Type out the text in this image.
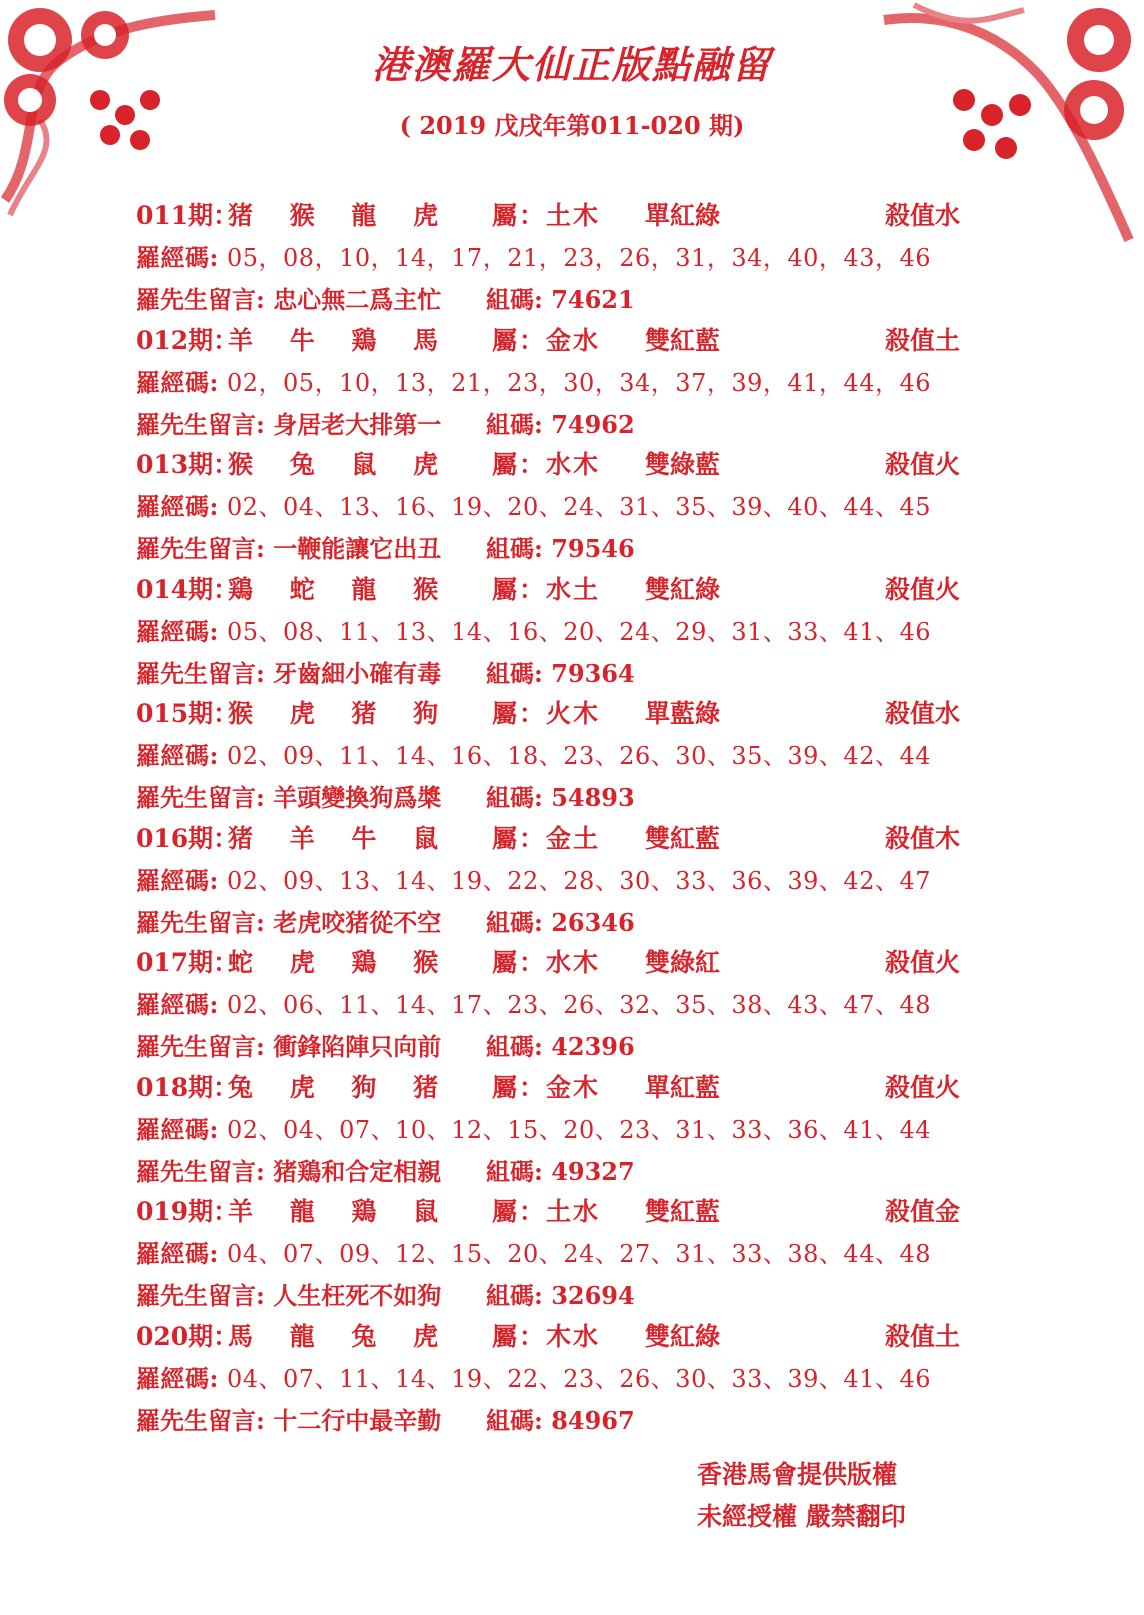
港澳羅大仙正版點融留
( 2019 戊戌年第011-020 期)
011期：
猪 猴 龍 虎 屬：土木 單紅綠	殺值水
羅經碼: 05，08，10，14，17，21，23，26，31，34，40，43，46
羅先生留言: 忠心無二爲主忙 組碼: 74621
012期：
羊 牛 鶏 馬 屬：金水 雙紅藍	殺值土
羅經碼: 02，05，10，13，21，23，30，34，37，39，41，44，46
羅先生留言: 身居老大排第一 組碼: 74962
013期：
猴 兔 鼠 虎 屬：水木 雙綠藍	殺值火
羅經碼: 02、04、13、16、19、20、24、31、35、39、40、44、45
羅先生留言: 一鞭能讓它出丑 組碼: 79546
014期：
鶏 蛇 龍 猴 屬：水土 雙紅綠	殺值火
羅經碼: 05、08、11、13、14、16、20、24、29、31、33、41、46
羅先生留言: 牙齒細小確有毒 組碼: 79364
015期：
猴 虎 猪 狗 屬：火木 單藍綠	殺值水
羅經碼: 02、09、11、14、16、18、23、26、30、35、39、42、44
羅先生留言: 羊頭變換狗爲槳 組碼: 54893
016期：
猪 羊 牛 鼠 屬：金土 雙紅藍	殺值木
羅經碼: 02、09、13、14、19、22、28、30、33、36、39、42、47
羅先生留言: 老虎咬猪從不空 組碼: 26346
017期：
蛇 虎 鶏 猴 屬：水木 雙綠紅	殺值火
羅經碼: 02、06、11、14、17、23、26、32、35、38、43、47、48
羅先生留言: 衝鋒陷陣只向前 組碼: 42396
018期：
兔 虎 狗 猪 屬：金木 單紅藍	殺值火
羅經碼: 02、04、07、10、12、15、20、23、31、33、36、41、44
羅先生留言: 猪鶏和合定相親 組碼: 49327
019期：
羊 龍 鶏 鼠 屬：土水 雙紅藍	殺值金
羅經碼: 04、07、09、12、15、20、24、27、31、33、38、44、48
羅先生留言: 人生枉死不如狗 組碼: 32694
020期：
馬 龍 兔 虎 屬：木水 雙紅綠	殺值土
羅經碼: 04、07、11、14、19、22、23、26、30、33、39、41、46
羅先生留言: 十二行中最辛勤 組碼: 84967
香港馬會提供版權
未經授權 嚴禁翻印
